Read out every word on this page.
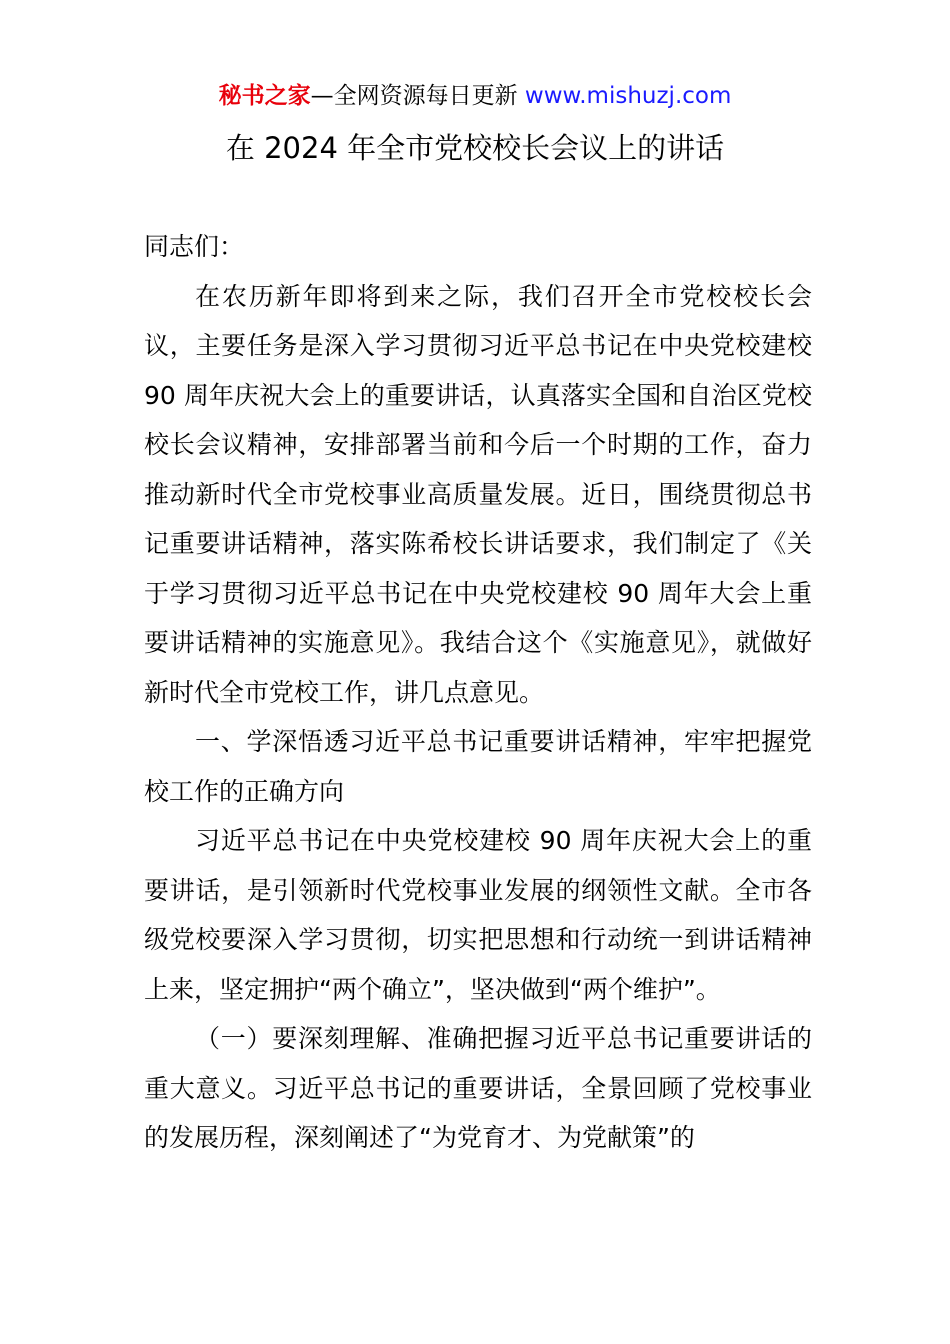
秘书之家—全网资源每日更新 www.mishuzj.com
在 2024 年全市党校校长会议上的讲话

同志们：

在农历新年即将到来之际，我们召开全市党校校长会议，主要任务是深入学习贯彻习近平总书记在中央党校建校 90 周年庆祝大会上的重要讲话，认真落实全国和自治区党校校长会议精神，安排部署当前和今后一个时期的工作，奋力推动新时代全市党校事业高质量发展。近日，围绕贯彻总书记重要讲话精神，落实陈希校长讲话要求，我们制定了《关于学习贯彻习近平总书记在中央党校建校 90 周年大会上重要讲话精神的实施意见》。我结合这个《实施意见》，就做好新时代全市党校工作，讲几点意见。

一、学深悟透习近平总书记重要讲话精神，牢牢把握党校工作的正确方向

习近平总书记在中央党校建校 90 周年庆祝大会上的重要讲话，是引领新时代党校事业发展的纲领性文献。全市各级党校要深入学习贯彻，切实把思想和行动统一到讲话精神上来，坚定拥护“两个确立”，坚决做到“两个维护”。

（一）要深刻理解、准确把握习近平总书记重要讲话的重大意义。习近平总书记的重要讲话，全景回顾了党校事业的发展历程，深刻阐述了“为党育才、为党献策”的
